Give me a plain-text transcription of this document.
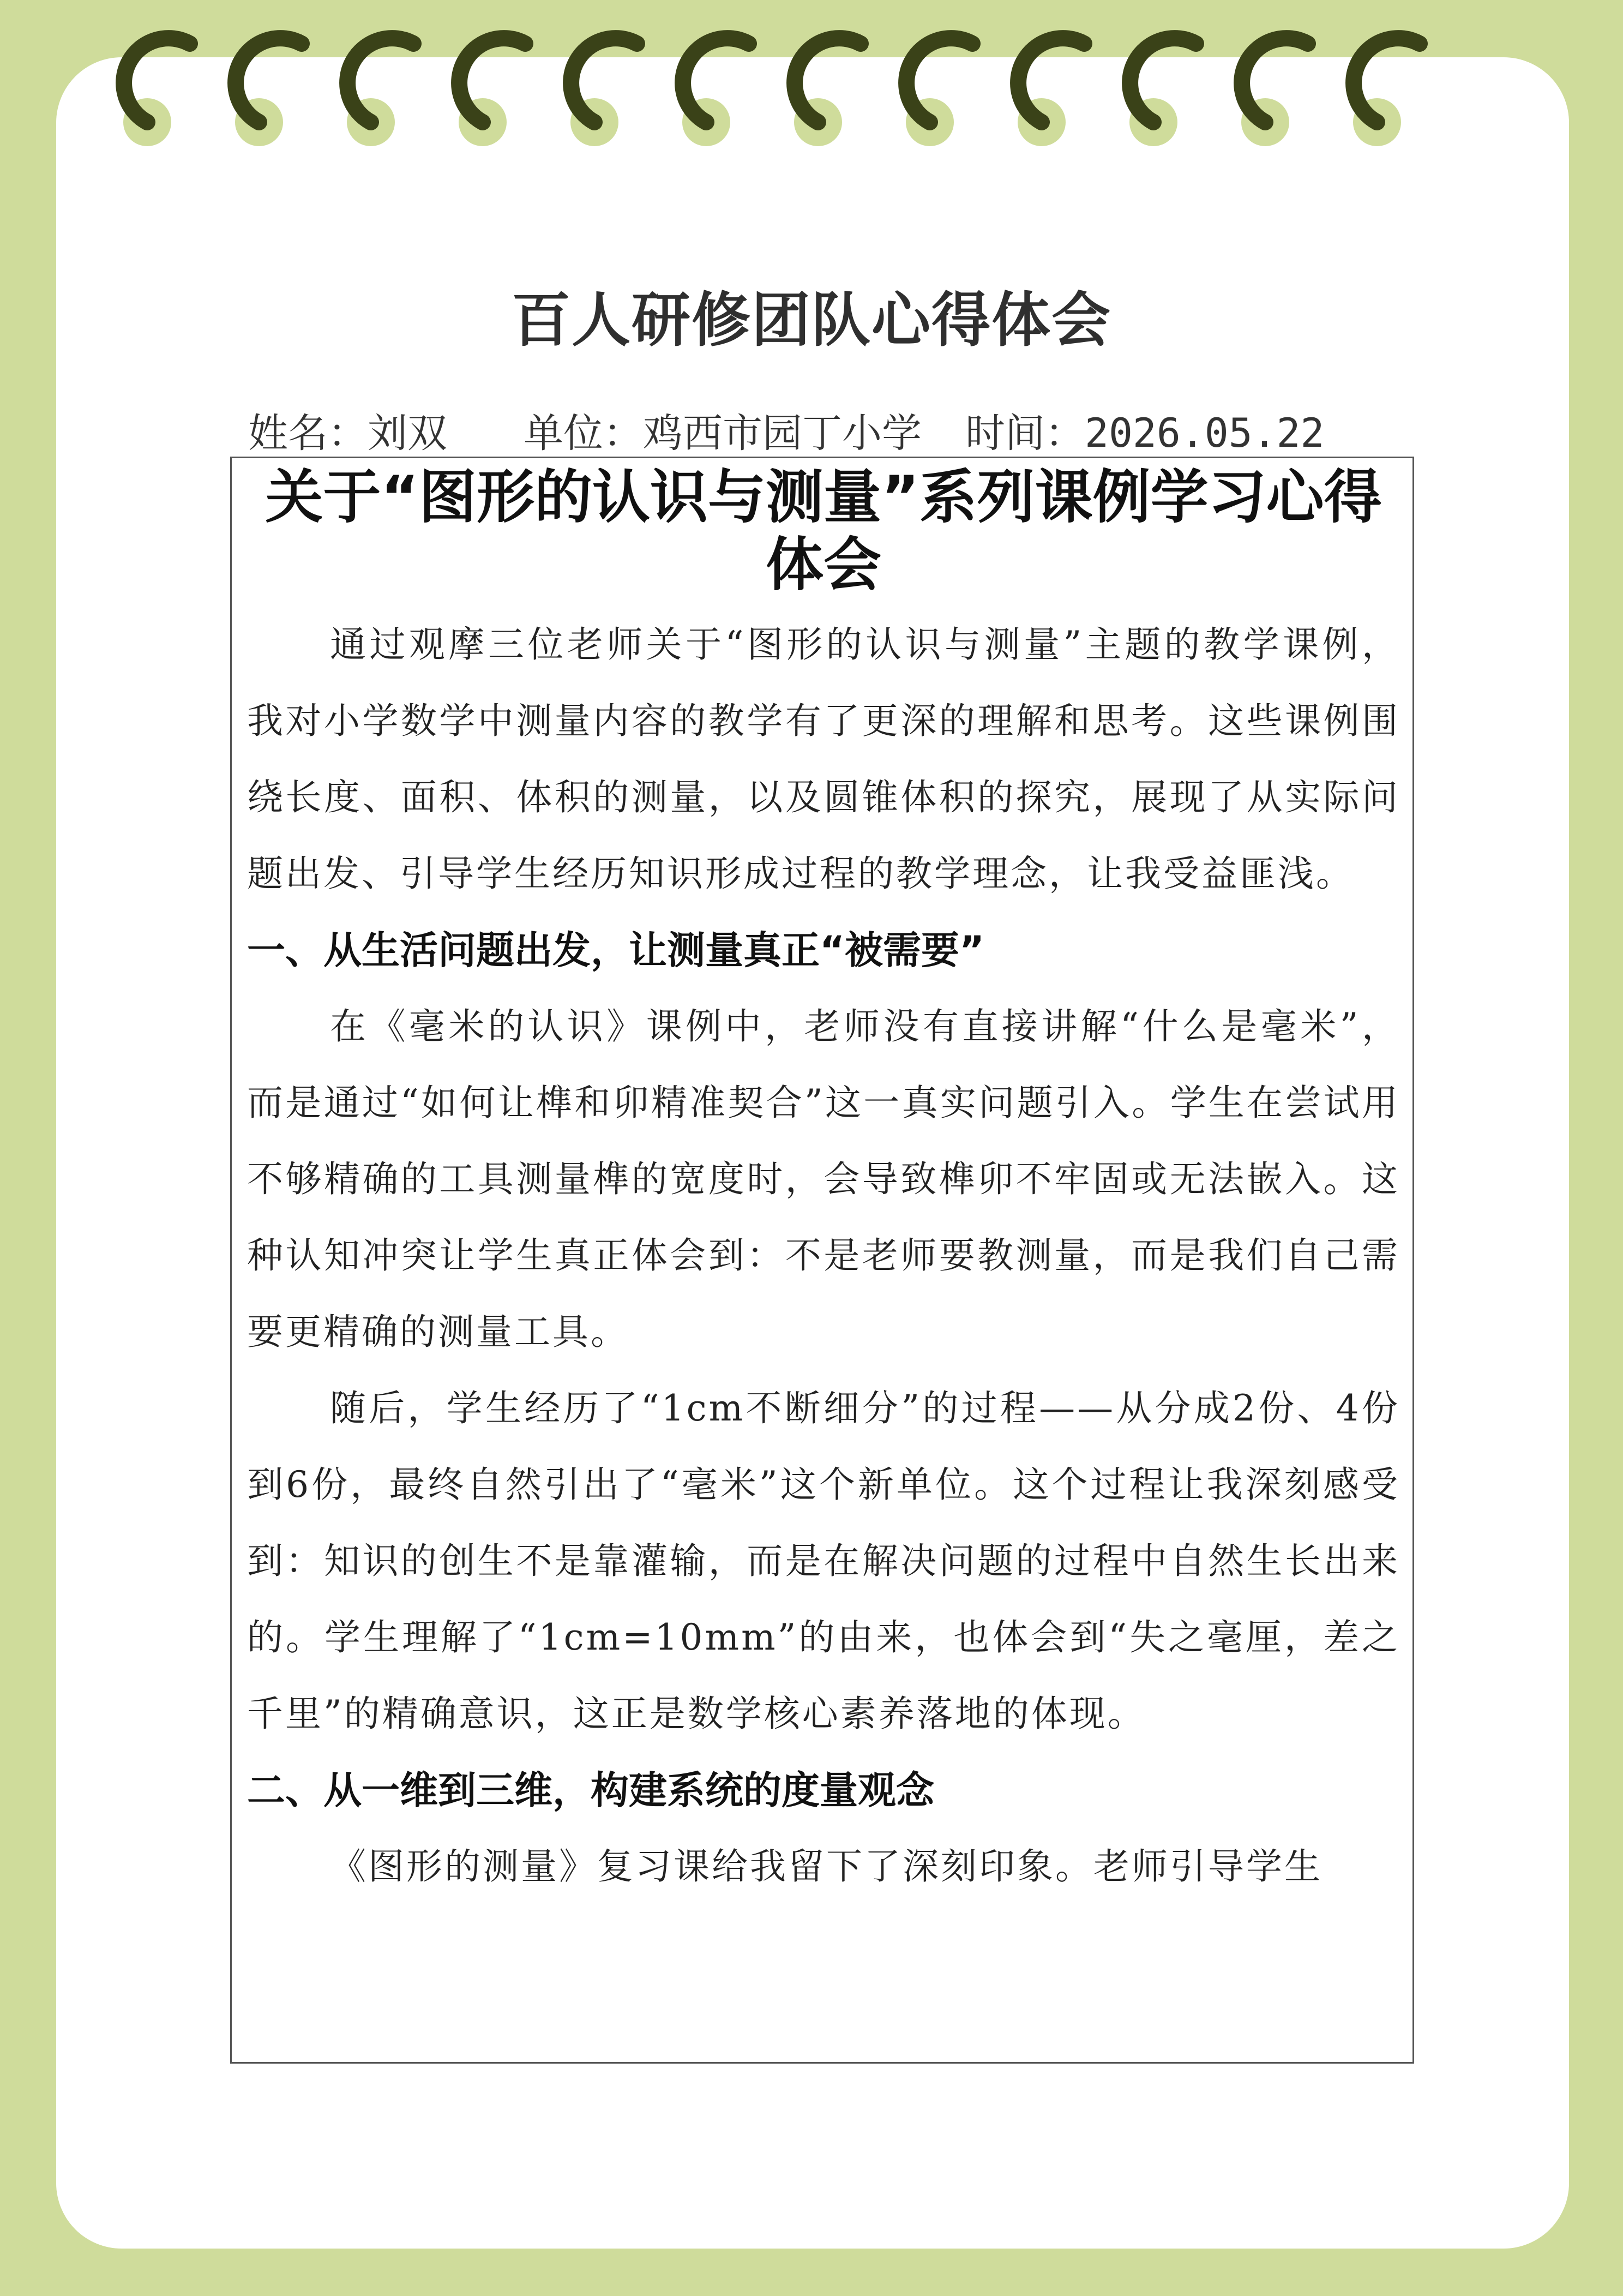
百人研修团队心得体会
姓名：刘双 单位：鸡西市园丁小学 时间：2026.05.22
关于“图形的认识与测量”系列课例学习心得体会

通过观摩三位老师关于“图形的认识与测量”主题的教学课例，我对小学数学中测量内容的教学有了更深的理解和思考。这些课例围绕长度、面积、体积的测量，以及圆锥体积的探究，展现了从实际问题出发、引导学生经历知识形成过程的教学理念，让我受益匪浅。

一、从生活问题出发，让测量真正“被需要”

在《毫米的认识》课例中，老师没有直接讲解“什么是毫米”，而是通过“如何让榫和卯精准契合”这一真实问题引入。学生在尝试用不够精确的工具测量榫的宽度时，会导致榫卯不牢固或无法嵌入。这种认知冲突让学生真正体会到：不是老师要教测量，而是我们自己需要更精确的测量工具。

随后，学生经历了“1cm不断细分”的过程——从分成2份、4份到6份，最终自然引出了“毫米”这个新单位。这个过程让我深刻感受到：知识的创生不是靠灌输，而是在解决问题的过程中自然生长出来的。学生理解了“1cm=10mm”的由来，也体会到“失之毫厘，差之千里”的精确意识，这正是数学核心素养落地的体现。

二、从一维到三维，构建系统的度量观念

《图形的测量》复习课给我留下了深刻印象。老师引导学生
